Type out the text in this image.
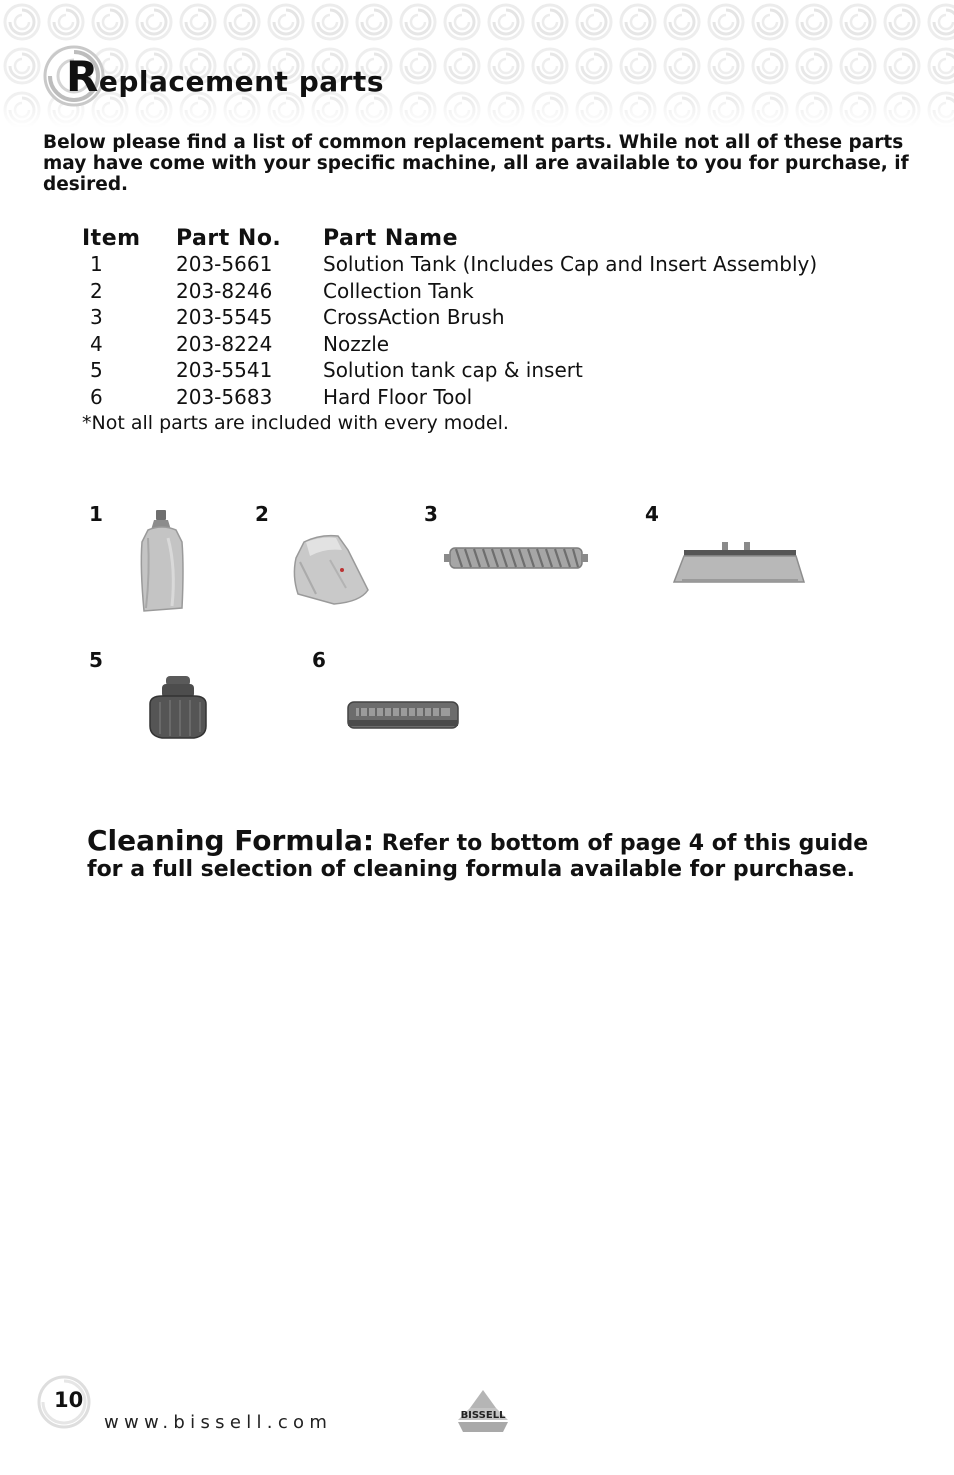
Replacement parts
Below please find a list of common replacement parts. While not all of these parts may have come with your specific machine, all are available to you for purchase, if desired.
Item	Part No.	Part Name
1	203-5661	Solution Tank (Includes Cap and Insert Assembly)
2	203-8246	Collection Tank
3	203-5545	CrossAction Brush
4	203-8224	Nozzle
5	203-5541	Solution tank cap & insert
6	203-5683	Hard Floor Tool
*Not all parts are included with every model.
1	2	3	4
5	6
Cleaning Formula: Refer to bottom of page 4 of this guide for a full selection of cleaning formula available for purchase.
10
www.bissell.com	BISSELL
